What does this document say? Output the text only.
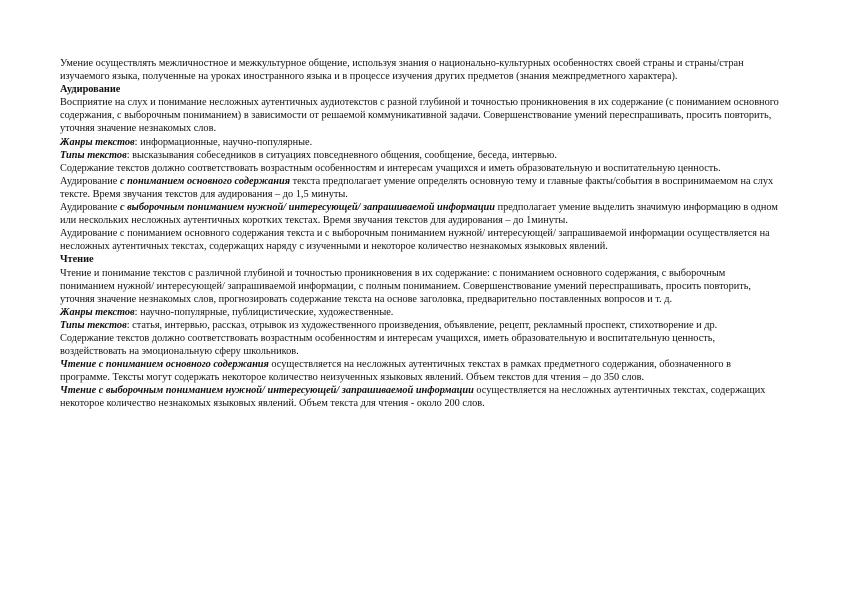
Умение осуществлять межличностное и межкультурное общение, используя знания о национально-культурных особенностях своей страны и страны/стран изучаемого языка, полученные на уроках иностранного языка и в процессе изучения других предметов (знания межпредметного характера).

Аудирование

Восприятие на слух и понимание несложных аутентичных аудиотекстов с разной глубиной и точностью проникновения в их содержание (с пониманием основного содержания, с выборочным пониманием) в зависимости от решаемой коммуникативной задачи. Совершенствование умений переспрашивать, просить повторить, уточняя значение незнакомых слов.

Жанры текстов: информационные, научно-популярные.

Типы текстов: высказывания собеседников в ситуациях повседневного общения, сообщение, беседа, интервью.

Содержание текстов должно соответствовать возрастным особенностям и интересам учащихся и иметь образовательную и воспитательную ценность.

Аудирование с пониманием основного содержания текста предполагает умение определять основную тему и главные факты/события в воспринимаемом на слух тексте. Время звучания текстов для аудирования – до 1,5 минуты.

Аудирование с выборочным пониманием нужной/ интересующей/ запрашиваемой информации предполагает умение выделить значимую информацию в одном или нескольких несложных аутентичных коротких текстах. Время звучания текстов для аудирования – до 1минуты.

Аудирование с пониманием основного содержания текста и с выборочным пониманием нужной/ интересующей/ запрашиваемой информации осуществляется на несложных аутентичных текстах, содержащих наряду с изученными и некоторое количество незнакомых языковых явлений.

Чтение

Чтение и понимание текстов с различной глубиной и точностью проникновения в их содержание: с пониманием основного содержания, с выборочным пониманием нужной/ интересующей/ запрашиваемой информации, с полным пониманием. Совершенствование умений переспрашивать, просить повторить, уточняя значение незнакомых слов, прогнозировать содержание текста на основе заголовка, предварительно поставленных вопросов и т. д.

Жанры текстов: научно-популярные, публицистические, художественные.

Типы текстов: статья, интервью, рассказ, отрывок из художественного произведения, объявление, рецепт, рекламный проспект, стихотворение и др.

Содержание текстов должно соответствовать возрастным особенностям и интересам учащихся, иметь образовательную и воспитательную ценность, воздействовать на эмоциональную сферу школьников.

Чтение с пониманием основного содержания осуществляется на несложных аутентичных текстах в рамках предметного содержания, обозначенного в программе. Тексты могут содержать некоторое количество неизученных языковых явлений. Объем текстов для чтения – до 350 слов.

Чтение с выборочным пониманием нужной/ интересующей/ запрашиваемой информации осуществляется на несложных аутентичных текстах, содержащих некоторое количество незнакомых языковых явлений. Объем текста для чтения - около 200 слов.
